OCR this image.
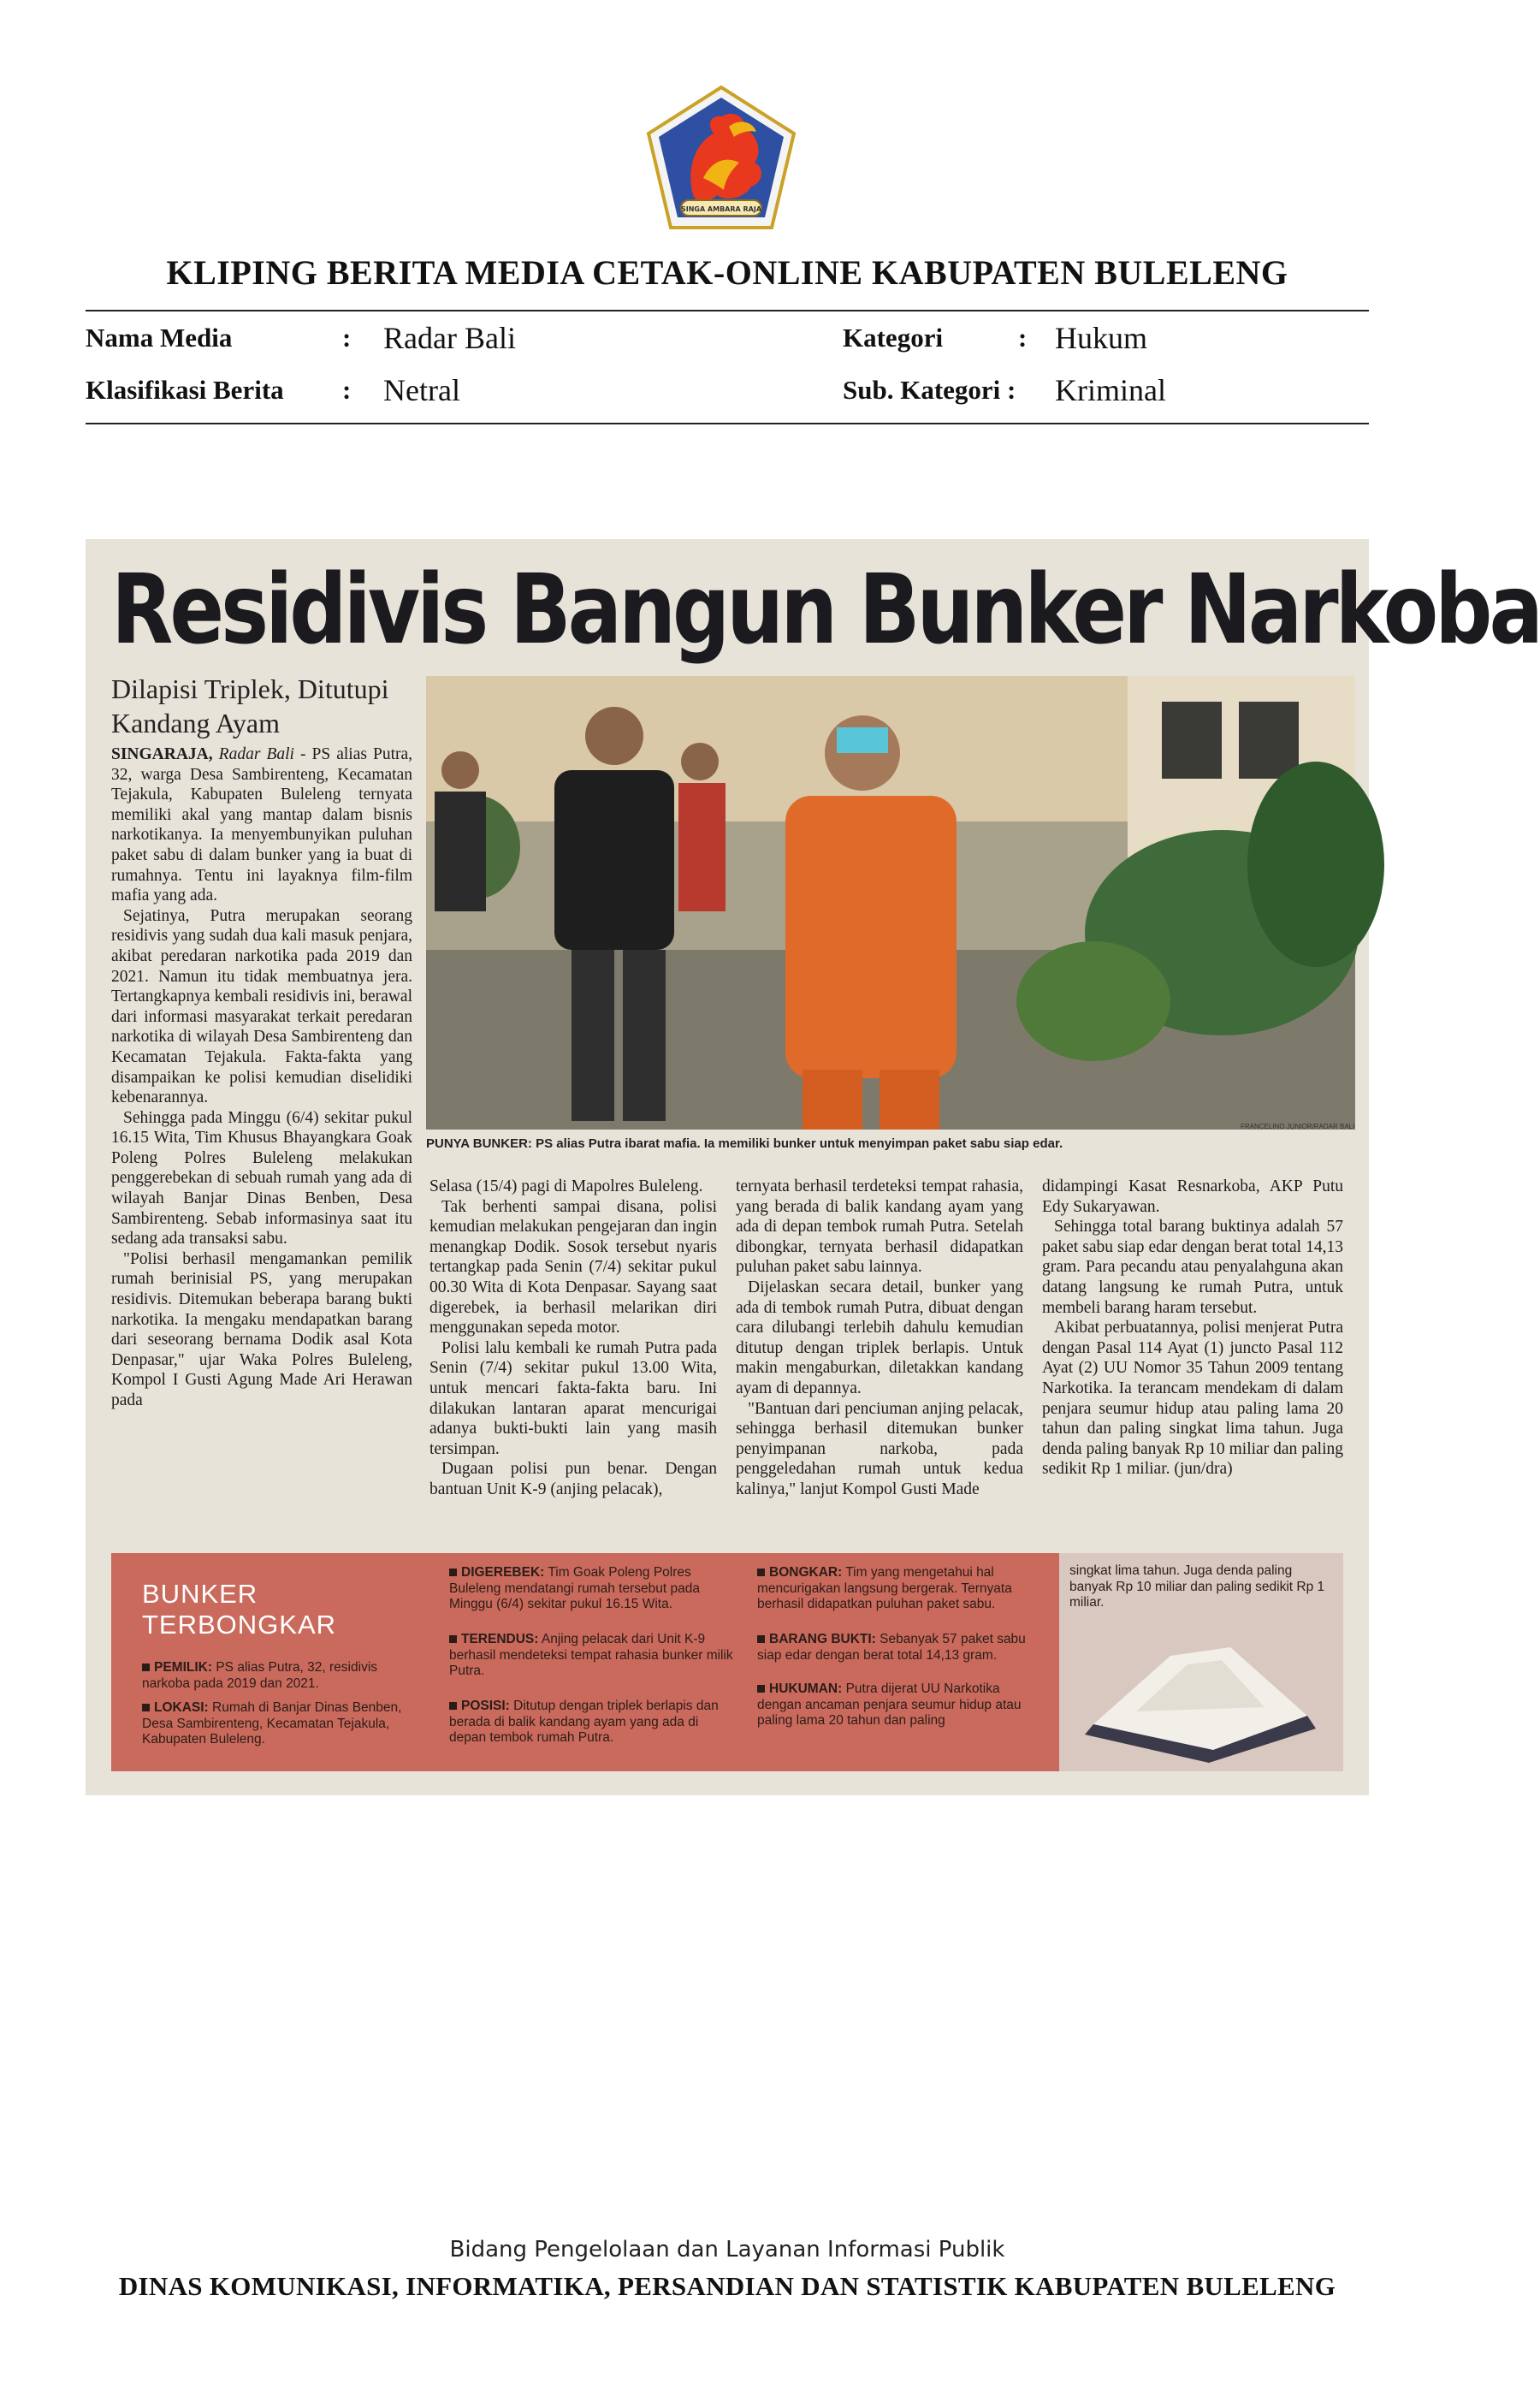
SINGA AMBARA RAJA
KLIPING BERITA MEDIA CETAK-ONLINE KABUPATEN BULELENG
Nama Media	: Radar Bali
Klasifikasi Berita : Netral
Kategori	: Hukum
Sub. Kategori : Kriminal
Residivis Bangun Bunker Narkoba
Dilapisi Triplek, Ditutupi Kandang Ayam
FRANCELINO JUNIOR/RADAR BALI
PUNYA BUNKER: PS alias Putra ibarat mafia. Ia memiliki bunker untuk menyimpan paket sabu siap edar.

SINGARAJA, Radar Bali - PS alias Putra, 32, warga Desa Sambirenteng, Kecamatan Tejakula, Kabupaten Buleleng ternyata memiliki akal yang mantap dalam bisnis narkotikanya. Ia menyembunyikan puluhan paket sabu di dalam bunker yang ia buat di rumahnya. Tentu ini layaknya film-film mafia yang ada.

Sejatinya, Putra merupakan seorang residivis yang sudah dua kali masuk penjara, akibat peredaran narkotika pada 2019 dan 2021. Namun itu tidak membuatnya jera. Tertangkapnya kembali residivis ini, berawal dari informasi masyarakat terkait peredaran narkotika di wilayah Desa Sambirenteng dan Kecamatan Tejakula. Fakta-fakta yang disampaikan ke polisi kemudian diselidiki kebenarannya.

Sehingga pada Minggu (6/4) sekitar pukul 16.15 Wita, Tim Khusus Bhayangkara Goak Poleng Polres Buleleng melakukan penggerebekan di sebuah rumah yang ada di wilayah Banjar Dinas Benben, Desa Sambirenteng. Sebab informasinya saat itu sedang ada transaksi sabu.

"Polisi berhasil mengamankan pemilik rumah berinisial PS, yang merupakan residivis. Ditemukan beberapa barang bukti narkotika. Ia mengaku mendapatkan barang dari seseorang bernama Dodik asal Kota Denpasar," ujar Waka Polres Buleleng, Kompol I Gusti Agung Made Ari Herawan pada

Selasa (15/4) pagi di Mapolres Buleleng.

Tak berhenti sampai disana, polisi kemudian melakukan pengejaran dan ingin menangkap Dodik. Sosok tersebut nyaris tertangkap pada Senin (7/4) sekitar pukul 00.30 Wita di Kota Denpasar. Sayang saat digerebek, ia berhasil melarikan diri menggunakan sepeda motor.

Polisi lalu kembali ke rumah Putra pada Senin (7/4) sekitar pukul 13.00 Wita, untuk mencari fakta-fakta baru. Ini dilakukan lantaran aparat mencurigai adanya bukti-bukti lain yang masih tersimpan.

Dugaan polisi pun benar. Dengan bantuan Unit K-9 (anjing pelacak),

ternyata berhasil terdeteksi tempat rahasia, yang berada di balik kandang ayam yang ada di depan tembok rumah Putra. Setelah dibongkar, ternyata berhasil didapatkan puluhan paket sabu lainnya.

Dijelaskan secara detail, bunker yang ada di tembok rumah Putra, dibuat dengan cara dilubangi terlebih dahulu kemudian ditutup dengan triplek berlapis. Untuk makin mengaburkan, diletakkan kandang ayam di depannya.

"Bantuan dari penciuman anjing pelacak, sehingga berhasil ditemukan bunker penyimpanan narkoba, pada penggeledahan rumah untuk kedua kalinya," lanjut Kompol Gusti Made

didampingi Kasat Resnarkoba, AKP Putu Edy Sukaryawan.

Sehingga total barang buktinya adalah 57 paket sabu siap edar dengan berat total 14,13 gram. Para pecandu atau penyalahguna akan datang langsung ke rumah Putra, untuk membeli barang haram tersebut.

Akibat perbuatannya, polisi menjerat Putra dengan Pasal 114 Ayat (1) juncto Pasal 112 Ayat (2) UU Nomor 35 Tahun 2009 tentang Narkotika. Ia terancam mendekam di dalam penjara seumur hidup atau paling lama 20 tahun dan paling singkat lima tahun. Juga denda paling banyak Rp 10 miliar dan paling sedikit Rp 1 miliar. (jun/dra)

BUNKER
TERBONGKAR
PEMILIK: PS alias Putra, 32, residivis narkoba pada 2019 dan 2021.
LOKASI: Rumah di Banjar Dinas Benben, Desa Sambirenteng, Kecamatan Tejakula, Kabupaten Buleleng.
DIGEREBEK: Tim Goak Poleng Polres Buleleng mendatangi rumah tersebut pada Minggu (6/4) sekitar pukul 16.15 Wita.
TERENDUS: Anjing pelacak dari Unit K-9 berhasil mendeteksi tempat rahasia bunker milik Putra.
POSISI: Ditutup dengan triplek berlapis dan berada di balik kandang ayam yang ada di depan tembok rumah Putra.
BONGKAR: Tim yang mengetahui hal mencurigakan langsung bergerak. Ternyata berhasil didapatkan puluhan paket sabu.
BARANG BUKTI: Sebanyak 57 paket sabu siap edar dengan berat total 14,13 gram.
HUKUMAN: Putra dijerat UU Narkotika dengan ancaman penjara seumur hidup atau paling lama 20 tahun dan paling
singkat lima tahun. Juga denda paling banyak Rp 10 miliar dan paling sedikit Rp 1 miliar.
Bidang Pengelolaan dan Layanan Informasi Publik
DINAS KOMUNIKASI, INFORMATIKA, PERSANDIAN DAN STATISTIK KABUPATEN BULELENG
